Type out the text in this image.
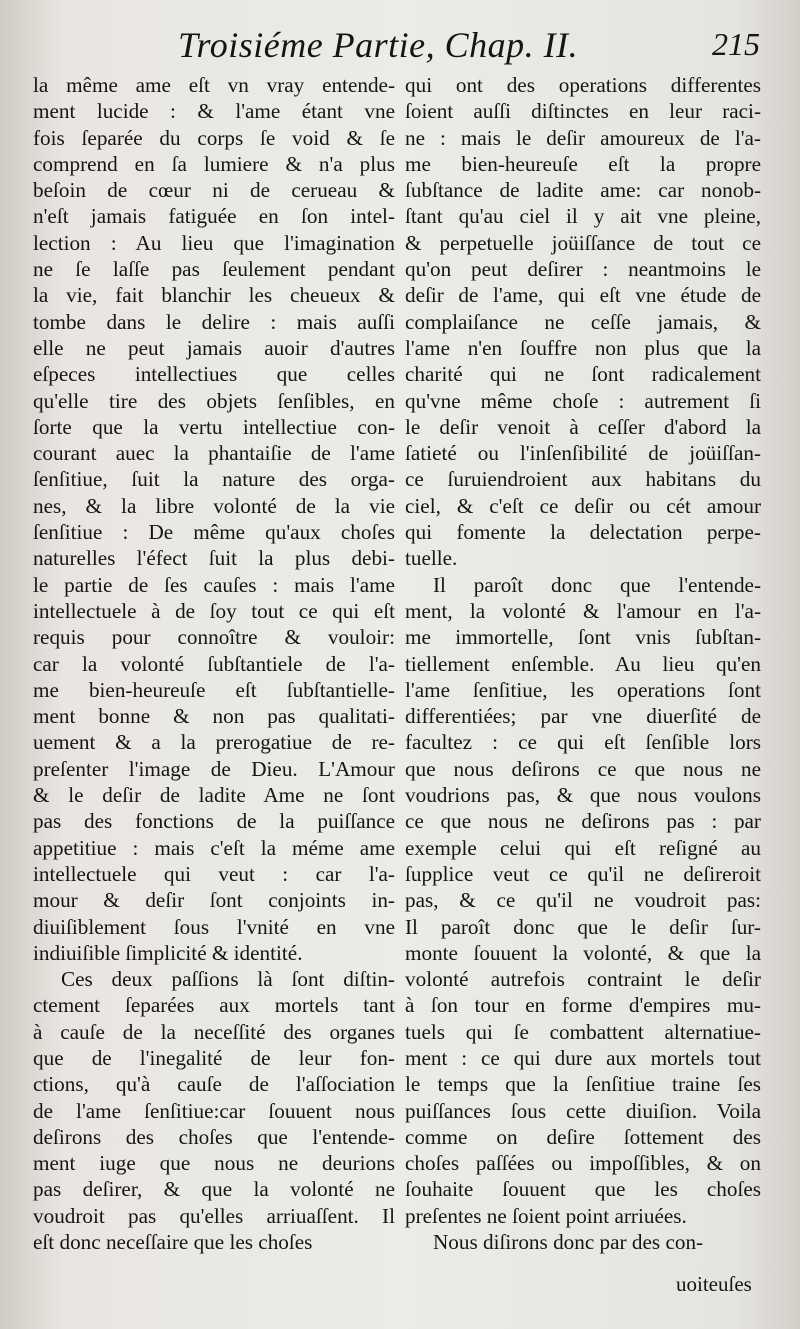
Troisiéme Partie, Chap. II.	215
la même ame eſt vn vray entende-
ment lucide : & l'ame étant vne
fois ſeparée du corps ſe void & ſe
comprend en ſa lumiere & n'a plus
beſoin de cœur ni de cerueau &
n'eſt jamais fatiguée en ſon intel-
lection : Au lieu que l'imagination
ne ſe laſſe pas ſeulement pendant
la vie, fait blanchir les cheueux &
tombe dans le delire : mais auſſi
elle ne peut jamais auoir d'autres
eſpeces intellectiues que celles
qu'elle tire des objets ſenſibles, en
ſorte que la vertu intellectiue con-
courant auec la phantaiſie de l'ame
ſenſitiue, ſuit la nature des orga-
nes, & la libre volonté de la vie
ſenſitiue : De même qu'aux choſes
naturelles l'éfect ſuit la plus debi-
le partie de ſes cauſes : mais l'ame
intellectuele à de ſoy tout ce qui eſt
requis pour connoître & vouloir:
car la volonté ſubſtantiele de l'a-
me bien-heureuſe eſt ſubſtantielle-
ment bonne & non pas qualitati-
uement & a la prerogatiue de re-
preſenter l'image de Dieu. L'Amour
& le deſir de ladite Ame ne ſont
pas des fonctions de la puiſſance
appetitiue : mais c'eſt la méme ame
intellectuele qui veut : car l'a-
mour & deſir ſont conjoints in-
diuiſiblement ſous l'vnité en vne
indiuiſible ſimplicité & identité.
Ces deux paſſions là ſont diſtin-
ctement ſeparées aux mortels tant
à cauſe de la neceſſité des organes
que de l'inegalité de leur fon-
ctions, qu'à cauſe de l'aſſociation
de l'ame ſenſitiue:car ſouuent nous
deſirons des choſes que l'entende-
ment iuge que nous ne deurions
pas deſirer, & que la volonté ne
voudroit pas qu'elles arriuaſſent. Il
eſt donc neceſſaire que les choſes
qui ont des operations differentes
ſoient auſſi diſtinctes en leur raci-
ne : mais le deſir amoureux de l'a-
me bien-heureuſe eſt la propre
ſubſtance de ladite ame: car nonob-
ſtant qu'au ciel il y ait vne pleine,
& perpetuelle joüiſſance de tout ce
qu'on peut deſirer : neantmoins le
deſir de l'ame, qui eſt vne étude de
complaiſance ne ceſſe jamais, &
l'ame n'en ſouffre non plus que la
charité qui ne ſont radicalement
qu'vne même choſe : autrement ſi
le deſir venoit à ceſſer d'abord la
ſatieté ou l'inſenſibilité de joüiſſan-
ce ſuruiendroient aux habitans du
ciel, & c'eſt ce deſir ou cét amour
qui fomente la delectation perpe-
tuelle.
Il paroît donc que l'entende-
ment, la volonté & l'amour en l'a-
me immortelle, ſont vnis ſubſtan-
tiellement enſemble. Au lieu qu'en
l'ame ſenſitiue, les operations ſont
differentiées; par vne diuerſité de
facultez : ce qui eſt ſenſible lors
que nous deſirons ce que nous ne
voudrions pas, & que nous voulons
ce que nous ne deſirons pas : par
exemple celui qui eſt reſigné au
ſupplice veut ce qu'il ne deſireroit
pas, & ce qu'il ne voudroit pas:
Il paroît donc que le deſir ſur-
monte ſouuent la volonté, & que la
volonté autrefois contraint le deſir
à ſon tour en forme d'empires mu-
tuels qui ſe combattent alternatiue-
ment : ce qui dure aux mortels tout
le temps que la ſenſitiue traine ſes
puiſſances ſous cette diuiſion. Voila
comme on deſire ſottement des
choſes paſſées ou impoſſibles, & on
ſouhaite ſouuent que les choſes
preſentes ne ſoient point arriuées.
Nous diſirons donc par des con-
uoiteuſes
